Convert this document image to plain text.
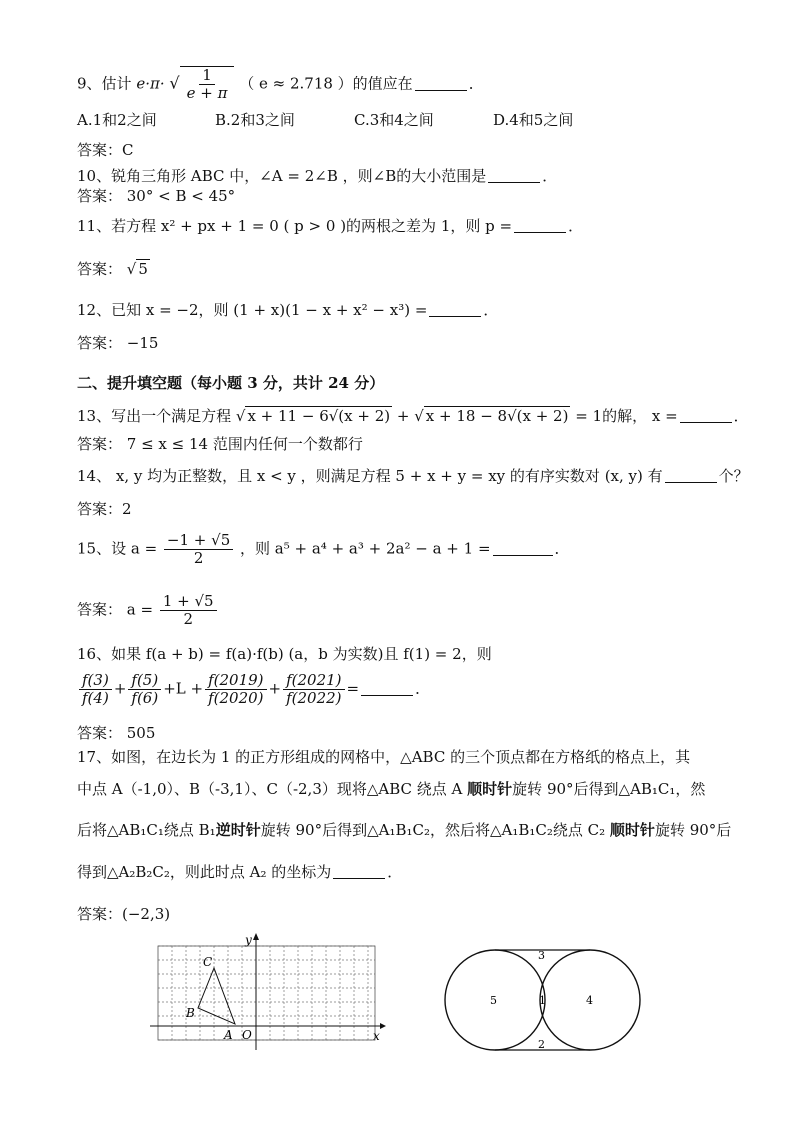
9、估计 e·π· √ $\frac{1}{e + \pi}$ （ e ≈ 2.718 ）的值应在	．
A.1和2之间	B.2和3之间	C.3和4之间	D.4和5之间
答案：C
10、锐角三角形 ABC 中，∠A = 2∠B ，则∠B的大小范围是	．
答案： 30° < B < 45°
11、若方程 x² + px + 1 = 0 ( p > 0 )的两根之差为 1，则 p =	．
答案： √ 5
12、已知 x = −2，则 (1 + x)(1 − x + x² − x³) =	．
答案： −15
二、提升填空题（每小题 3 分，共计 24 分）
13、写出一个满足方程 √ x + 11 − 6√(x + 2) + √ x + 18 − 8√(x + 2) = 1的解， x =	．
答案： 7 ≤ x ≤ 14 范围内任何一个数都行
14、 x, y 均为正整数，且 x < y ，则满足方程 5 + x + y = xy 的有序实数对 (x, y) 有	个？
答案：2
15、设 $a = \frac{-1 + √5}{2}$ ，则 a⁵ + a⁴ + a³ + 2a² − a + 1 =	．
答案： $a = \frac{1 + √5}{2}$
16、如果 f(a + b) = f(a)·f(b) (a，b 为实数)且 f(1) = 2，则
$\frac{f(3)}{f(4)} + \frac{f(5)}{f(6)} +L + \frac{f(2019)}{f(2020)} + \frac{f(2021)}{f(2022)}$ =	．
答案： 505
17、如图，在边长为 1 的正方形组成的网格中，△ABC 的三个顶点都在方格纸的格点上，其
中点 A（-1,0）、B（-3,1）、C（-2,3）现将△ABC 绕点 A 顺时针旋转 90°后得到△AB₁C₁，然
后将△AB₁C₁绕点 B₁逆时针旋转 90°后得到△A₁B₁C₂，然后将△A₁B₁C₂绕点 C₂ 顺时针旋转 90°后
得到△A₂B₂C₂，则此时点 A₂ 的坐标为	．
答案：(−2,3)
y
x
C
B
A O
5	1	4
3
2
